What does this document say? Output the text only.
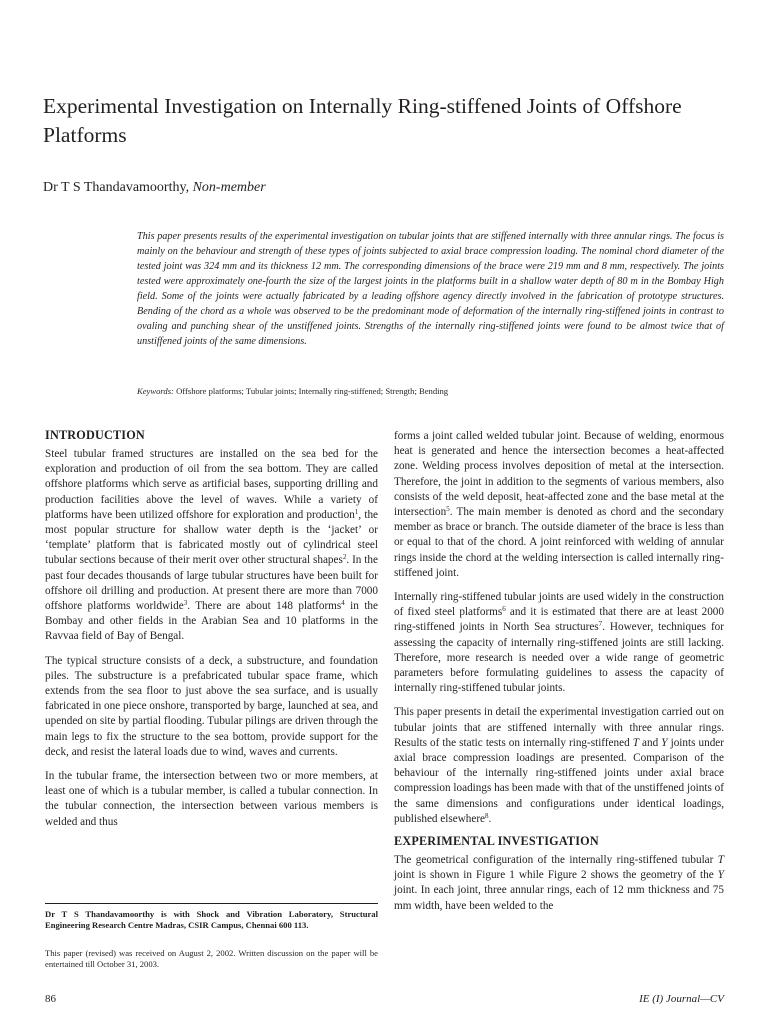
Experimental Investigation on Internally Ring-stiffened Joints of Offshore Platforms
Dr T S Thandavamoorthy, Non-member

This paper presents results of the experimental investigation on tubular joints that are stiffened internally with three annular rings. The focus is mainly on the behaviour and strength of these types of joints subjected to axial brace compression loading. The nominal chord diameter of the tested joint was 324 mm and its thickness 12 mm. The corresponding dimensions of the brace were 219 mm and 8 mm, respectively. The joints tested were approximately one-fourth the size of the largest joints in the platforms built in a shallow water depth of 80 m in the Bombay High field. Some of the joints were actually fabricated by a leading offshore agency directly involved in the fabrication of prototype structures. Bending of the chord as a whole was observed to be the predominant mode of deformation of the internally ring-stiffened joints in contrast to ovaling and punching shear of the unstiffened joints. Strengths of the internally ring-stiffened joints were found to be almost twice that of unstiffened joints of the same dimensions.

Keywords: Offshore platforms; Tubular joints; Internally ring-stiffened; Strength; Bending
INTRODUCTION

Steel tubular framed structures are installed on the sea bed for the exploration and production of oil from the sea bottom. They are called offshore platforms which serve as artificial bases, supporting drilling and production facilities above the level of waves. While a variety of platforms have been utilized offshore for exploration and production$^1$, the most popular structure for shallow water depth is the ‘jacket’ or ‘template’ platform that is fabricated mostly out of cylindrical steel tubular sections because of their merit over other structural shapes$^2$. In the past four decades thousands of large tubular structures have been built for offshore oil drilling and production. At present there are more than 7000 offshore platforms worldwide$^3$. There are about 148 platforms$^4$ in the Bombay and other fields in the Arabian Sea and 10 platforms in the Ravvaa field of Bay of Bengal.

The typical structure consists of a deck, a substructure, and foundation piles. The substructure is a prefabricated tubular space frame, which extends from the sea floor to just above the sea surface, and is usually fabricated in one piece onshore, transported by barge, launched at sea, and upended on site by partial flooding. Tubular pilings are driven through the main legs to fix the structure to the sea bottom, provide support for the deck, and resist the lateral loads due to wind, waves and currents.

In the tubular frame, the intersection between two or more members, at least one of which is a tubular member, is called a tubular connection. In the tubular connection, the intersection between various members is welded and thus

Dr T S Thandavamoorthy is with Shock and Vibration Laboratory, Structural Engineering Research Centre Madras, CSIR Campus, Chennai 600 113.
This paper (revised) was received on August 2, 2002. Written discussion on the paper will be entertained till October 31, 2003.

forms a joint called welded tubular joint. Because of welding, enormous heat is generated and hence the intersection becomes a heat-affected zone. Welding process involves deposition of metal at the intersection. Therefore, the joint in addition to the segments of various members, also consists of the weld deposit, heat-affected zone and the base metal at the intersection$^5$. The main member is denoted as chord and the secondary member as brace or branch. The outside diameter of the brace is less than or equal to that of the chord. A joint reinforced with welding of annular rings inside the chord at the welding intersection is called internally ring-stiffened joint.

Internally ring-stiffened tubular joints are used widely in the construction of fixed steel platforms$^6$ and it is estimated that there are at least 2000 ring-stiffened joints in North Sea structures$^7$. However, techniques for assessing the capacity of internally ring-stiffened joints are still lacking. Therefore, more research is needed over a wide range of geometric parameters before formulating guidelines to assess the capacity of internally ring-stiffened tubular joints.

This paper presents in detail the experimental investigation carried out on tubular joints that are stiffened internally with three annular rings. Results of the static tests on internally ring-stiffened T and Y joints under axial brace compression loadings are presented. Comparison of the behaviour of the internally ring-stiffened joints under axial brace compression loadings has been made with that of the unstiffened joints of the same dimensions and configurations under identical loadings, published elsewhere$^8$.

EXPERIMENTAL INVESTIGATION

The geometrical configuration of the internally ring-stiffened tubular T joint is shown in Figure 1 while Figure 2 shows the geometry of the Y joint. In each joint, three annular rings, each of 12 mm thickness and 75 mm width, have been welded to the

86	IE (I) Journal—CV
